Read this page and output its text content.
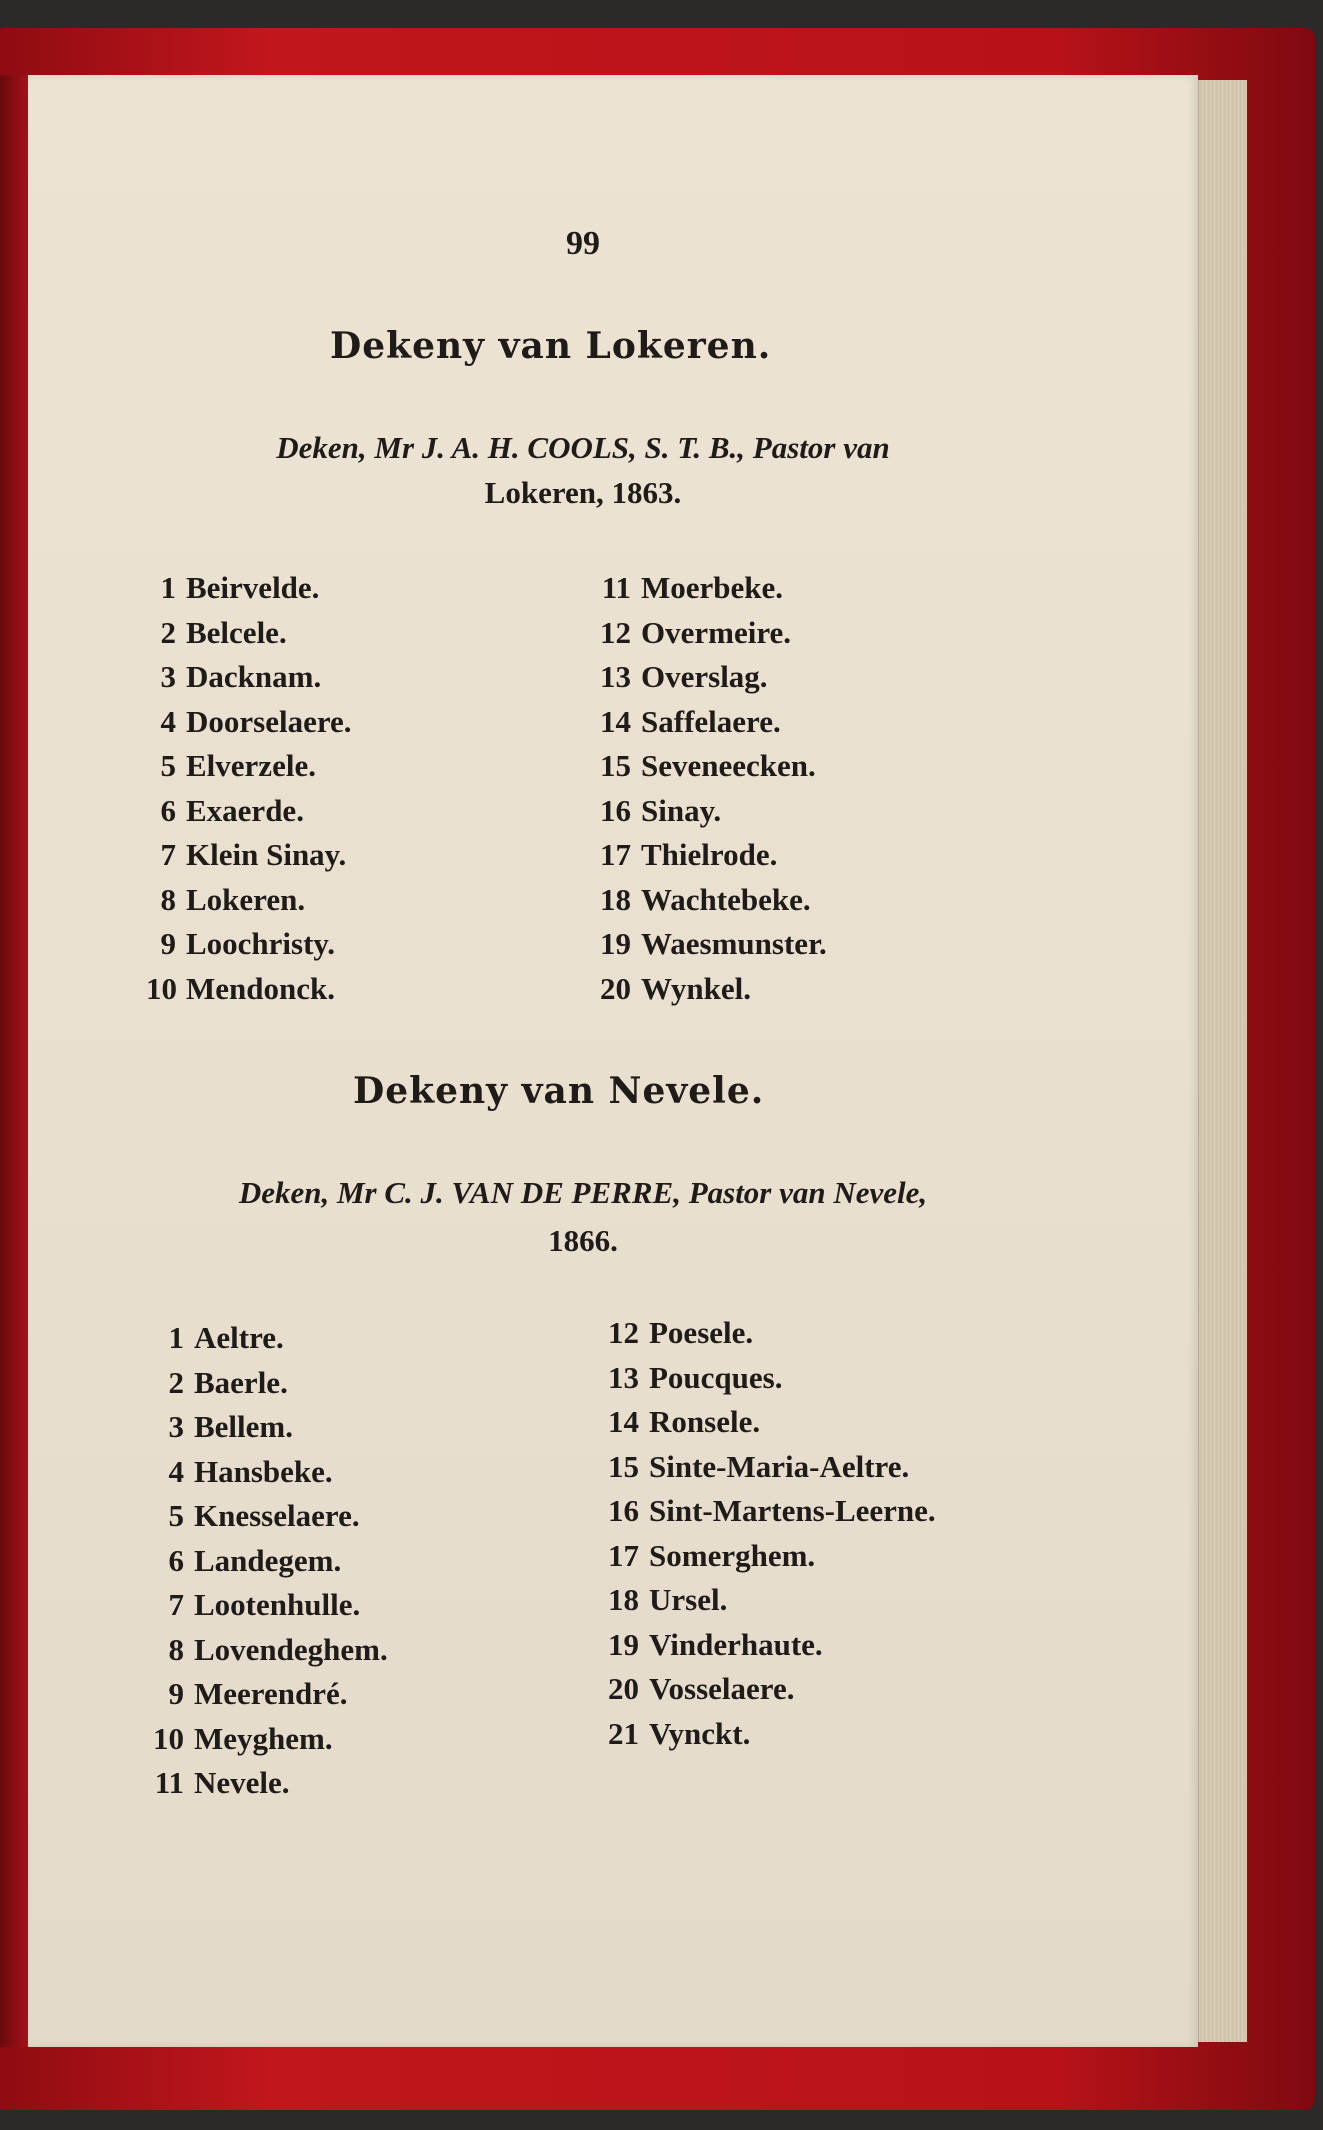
99
Dekeny van Lokeren.
Deken, Mr J. A. H. COOLS, S. T. B., Pastor van
Lokeren, 1863.
1 Beirvelde.
2 Belcele.
3 Dacknam.
4 Doorselaere.
5 Elverzele.
6 Exaerde.
7 Klein Sinay.
8 Lokeren.
9 Loochristy.
10 Mendonck.
11 Moerbeke.
12 Overmeire.
13 Overslag.
14 Saffelaere.
15 Seveneecken.
16 Sinay.
17 Thielrode.
18 Wachtebeke.
19 Waesmunster.
20 Wynkel.
Dekeny van Nevele.
Deken, Mr C. J. VAN DE PERRE, Pastor van Nevele,
1866.
1 Aeltre.
2 Baerle.
3 Bellem.
4 Hansbeke.
5 Knesselaere.
6 Landegem.
7 Lootenhulle.
8 Lovendeghem.
9 Meerendré.
10 Meyghem.
11 Nevele.
12 Poesele.
13 Poucques.
14 Ronsele.
15 Sinte-Maria-Aeltre.
16 Sint-Martens-Leerne.
17 Somerghem.
18 Ursel.
19 Vinderhaute.
20 Vosselaere.
21 Vynckt.
